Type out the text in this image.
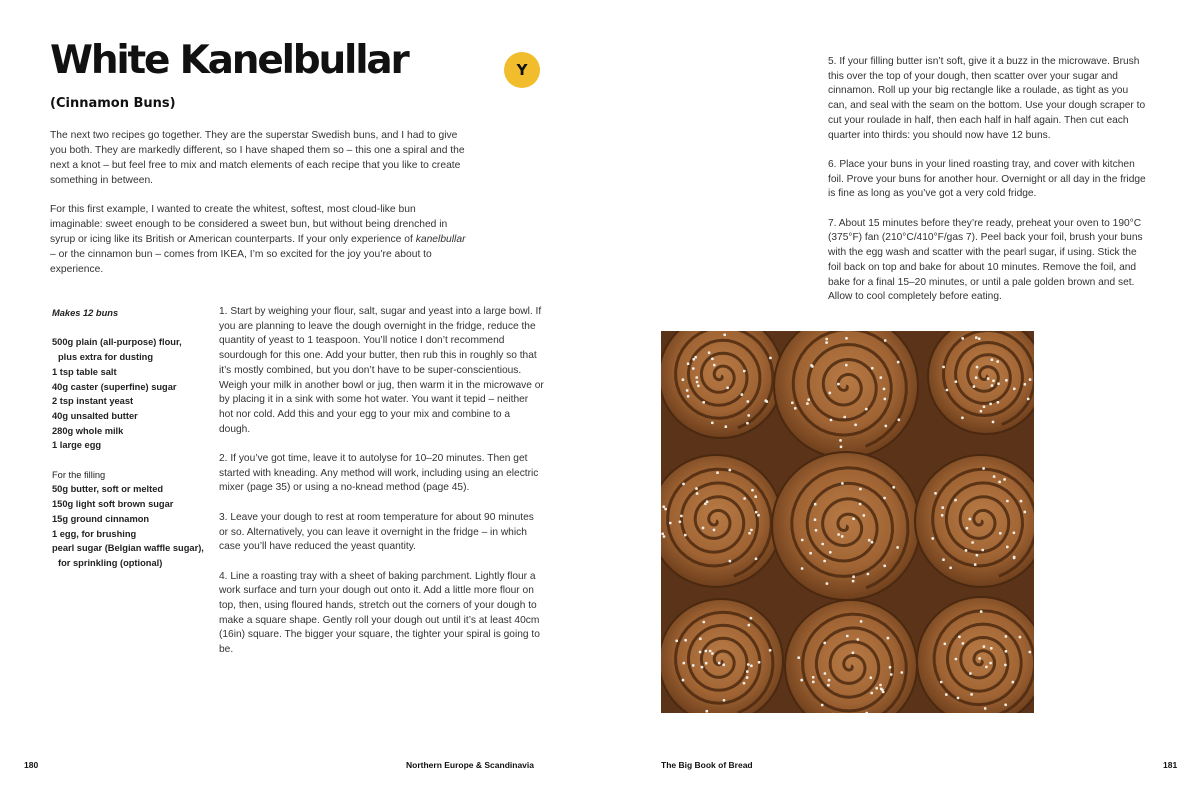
White Kanelbullar	Y
(Cinnamon Buns)

The next two recipes go together. They are the superstar Swedish buns, and I had to give you both. They are markedly different, so I have shaped them so – this one a spiral and the next a knot – but feel free to mix and match elements of each recipe that you like to create something in between.

For this first example, I wanted to create the whitest, softest, most cloud-like bun imaginable: sweet enough to be considered a sweet bun, but without being drenched in syrup or icing like its British or American counterparts. If your only experience of kanelbullar – or the cinnamon bun – comes from IKEA, I’m so excited for the joy you’re about to experience.

Makes 12 buns
500g plain (all-purpose) flour,
plus extra for dusting
1 tsp table salt
40g caster (superfine) sugar
2 tsp instant yeast
40g unsalted butter
280g whole milk
1 large egg
For the filling
50g butter, soft or melted
150g light soft brown sugar
15g ground cinnamon
1 egg, for brushing
pearl sugar (Belgian waffle sugar),
for sprinkling (optional)

1. Start by weighing your flour, salt, sugar and yeast into a large bowl. If you are planning to leave the dough overnight in the fridge, reduce the quantity of yeast to 1 teaspoon. You’ll notice I don’t recommend sourdough for this one. Add your butter, then rub this in roughly so that it’s mostly combined, but you don’t have to be super-conscientious. Weigh your milk in another bowl or jug, then warm it in the microwave or by placing it in a sink with some hot water. You want it tepid – neither hot nor cold. Add this and your egg to your mix and combine to a dough.

2. If you’ve got time, leave it to autolyse for 10–20 minutes. Then get started with kneading. Any method will work, including using an electric mixer (page 35) or using a no-knead method (page 45).

3. Leave your dough to rest at room temperature for about 90 minutes or so. Alternatively, you can leave it overnight in the fridge – in which case you’ll have reduced the yeast quantity.

4. Line a roasting tray with a sheet of baking parchment. Lightly flour a work surface and turn your dough out onto it. Add a little more flour on top, then, using floured hands, stretch out the corners of your dough to make a square shape. Gently roll your dough out until it’s at least 40cm (16in) square. The bigger your square, the tighter your spiral is going to be.

5. If your filling butter isn’t soft, give it a buzz in the microwave. Brush this over the top of your dough, then scatter over your sugar and cinnamon. Roll up your big rectangle like a roulade, as tight as you can, and seal with the seam on the bottom. Use your dough scraper to cut your roulade in half, then each half in half again. Then cut each quarter into thirds: you should now have 12 buns.

6. Place your buns in your lined roasting tray, and cover with kitchen foil. Prove your buns for another hour. Overnight or all day in the fridge is fine as long as you’ve got a very cold fridge.

7. About 15 minutes before they’re ready, preheat your oven to 190°C (375°F) fan (210°C/410°F/gas 7). Peel back your foil, brush your buns with the egg wash and scatter with the pearl sugar, if using. Stick the foil back on top and bake for about 10 minutes. Remove the foil, and bake for a final 15–20 minutes, or until a pale golden brown and set. Allow to cool completely before eating.

180	Northern Europe & Scandinavia	The Big Book of Bread	181
